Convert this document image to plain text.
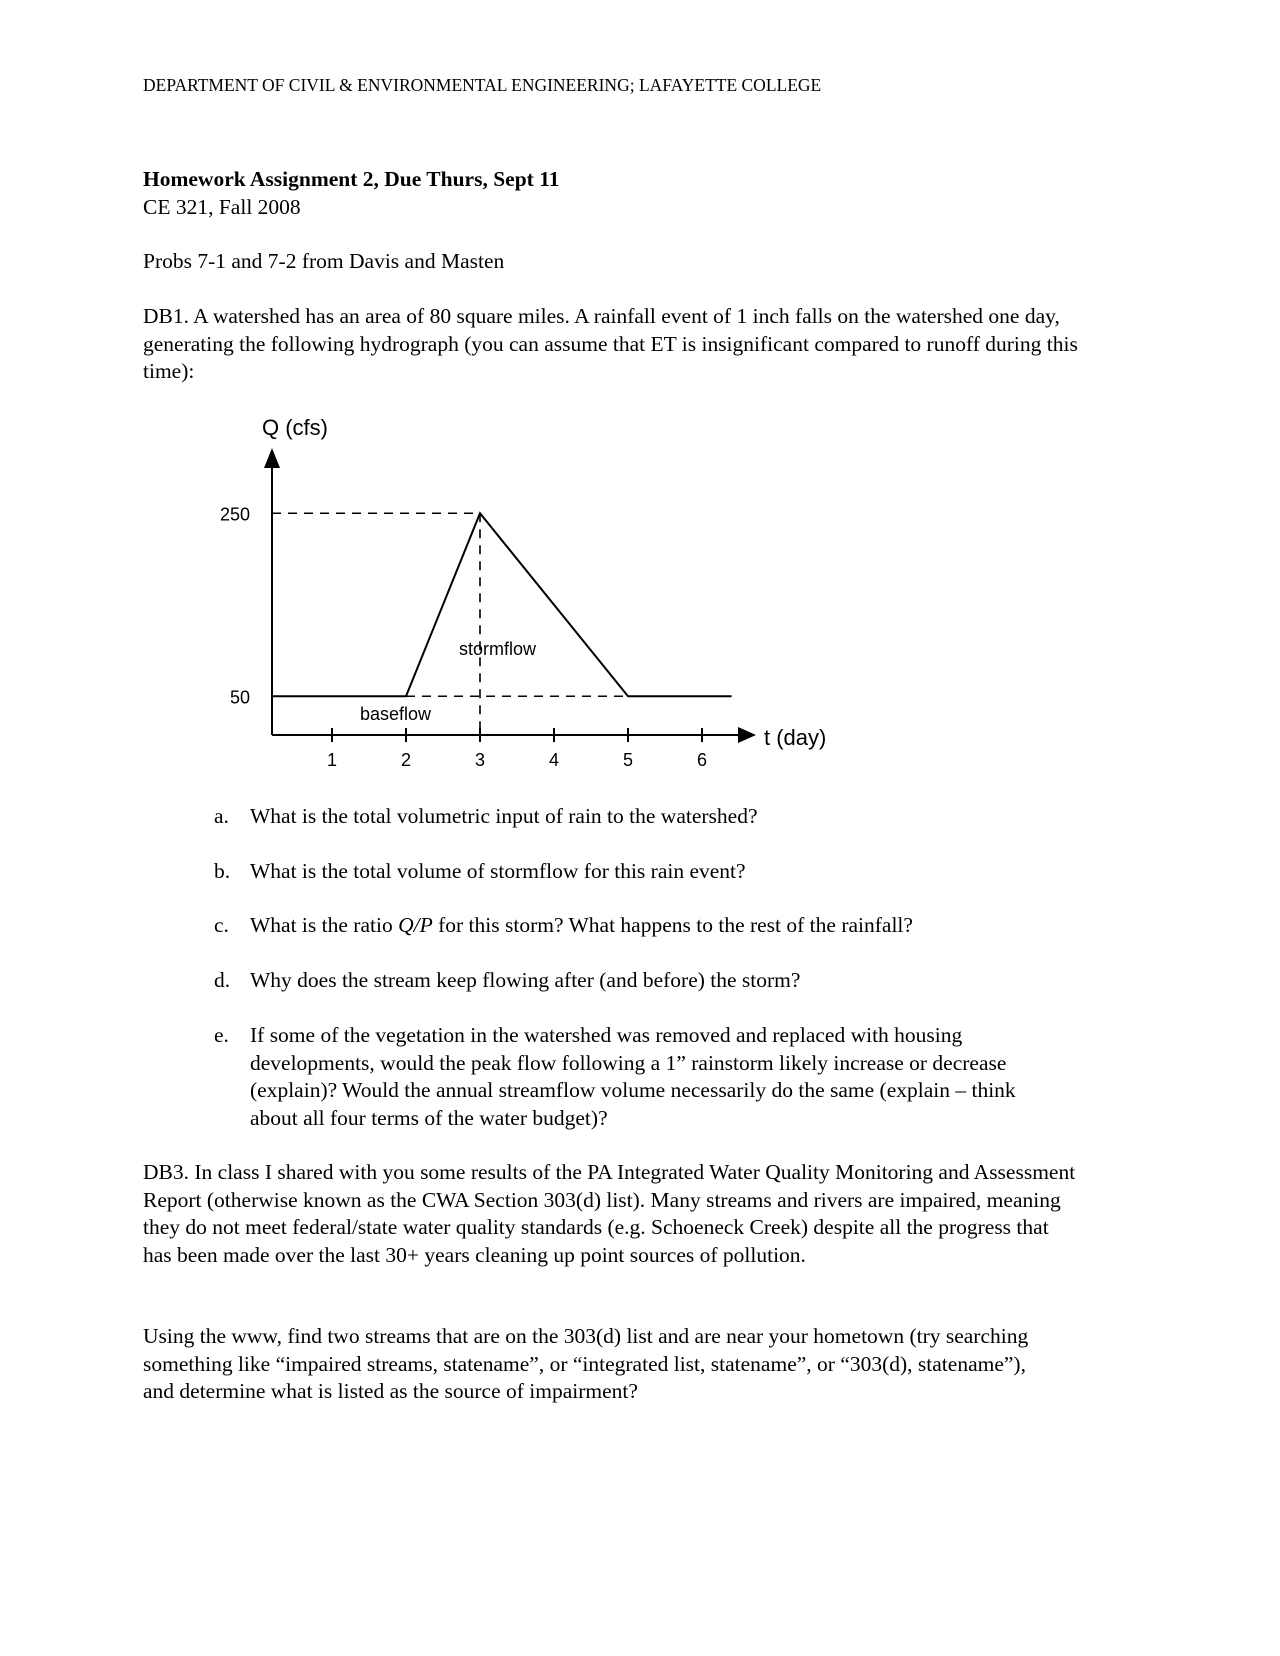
DEPARTMENT OF CIVIL & ENVIRONMENTAL ENGINEERING; LAFAYETTE COLLEGE
Homework Assignment 2, Due Thurs, Sept 11
CE 321, Fall 2008
Probs 7-1 and 7-2 from Davis and Masten
DB1. A watershed has an area of 80 square miles. A rainfall event of 1 inch falls on the watershed one day, generating the following hydrograph (you can assume that ET is insignificant compared to runoff during this time):
Q (cfs)
t (day)
1	2	3	4	5	6
50
250
stormflow
baseflow
a. What is the total volumetric input of rain to the watershed?
b. What is the total volume of stormflow for this rain event?
c. What is the ratio Q/P for this storm? What happens to the rest of the rainfall?
d. Why does the stream keep flowing after (and before) the storm?
e. If some of the vegetation in the watershed was removed and replaced with housing developments, would the peak flow following a 1” rainstorm likely increase or decrease (explain)? Would the annual streamflow volume necessarily do the same (explain – think about all four terms of the water budget)?
DB3. In class I shared with you some results of the PA Integrated Water Quality Monitoring and Assessment Report (otherwise known as the CWA Section 303(d) list). Many streams and rivers are impaired, meaning they do not meet federal/state water quality standards (e.g. Schoeneck Creek) despite all the progress that has been made over the last 30+ years cleaning up point sources of pollution.
Using the www, find two streams that are on the 303(d) list and are near your hometown (try searching something like “impaired streams, statename”, or “integrated list, statename”, or “303(d), statename”), and determine what is listed as the source of impairment?
